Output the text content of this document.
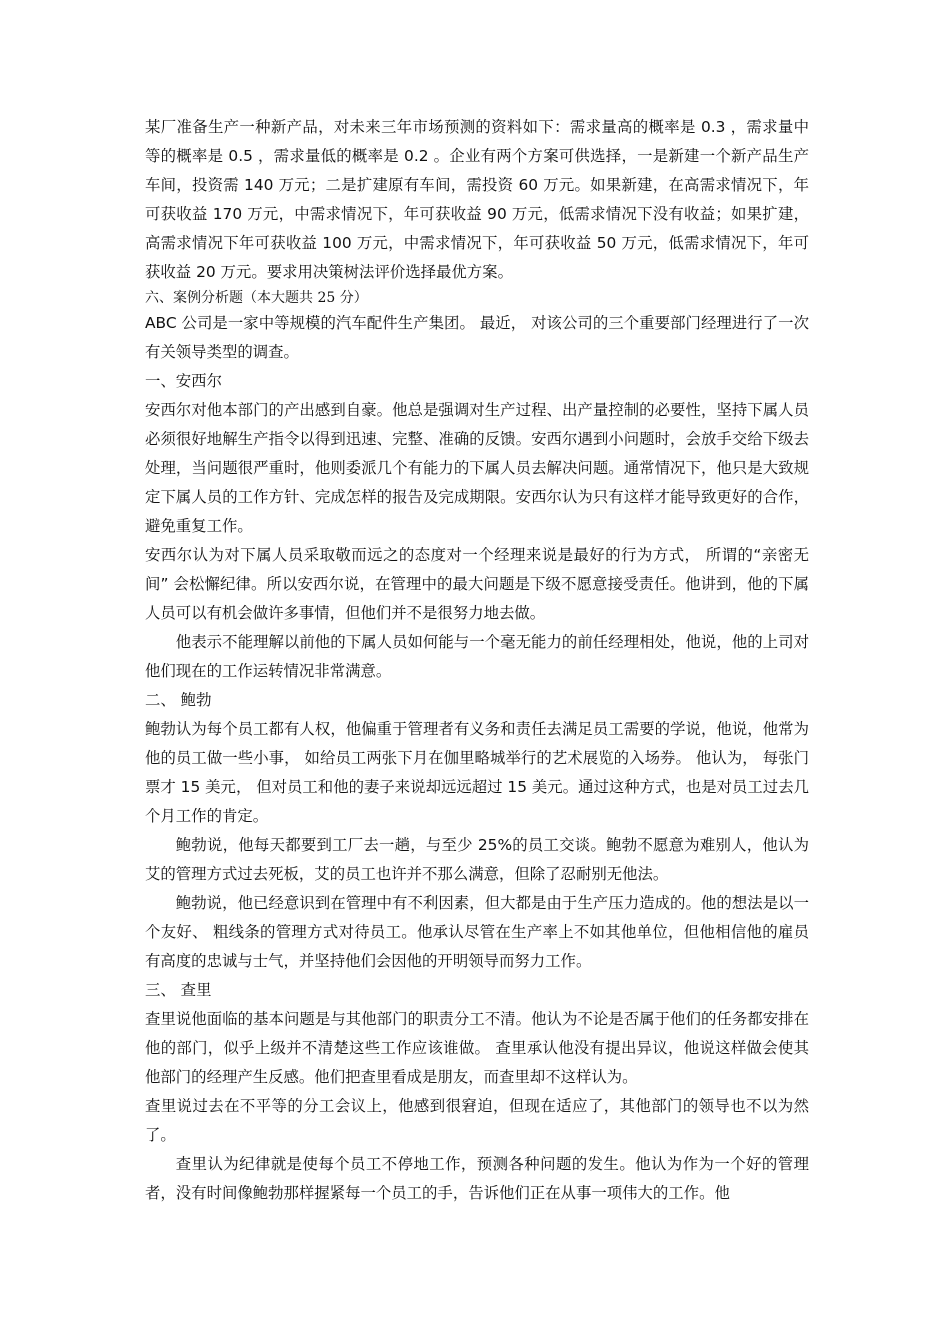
某厂准备生产一种新产品，对未来三年市场预测的资料如下：需求量高的概率是 0.3 ，需求量中等的概率是 0.5 ，需求量低的概率是 0.2 。企业有两个方案可供选择，一是新建一个新产品生产车间，投资需 140 万元；二是扩建原有车间，需投资 60 万元。如果新建，在高需求情况下，年可获收益 170 万元，中需求情况下，年可获收益 90 万元，低需求情况下没有收益；如果扩建，高需求情况下年可获收益 100 万元，中需求情况下，年可获收益 50 万元，低需求情况下，年可获收益 20 万元。要求用决策树法评价选择最优方案。

六、案例分析题（本大题共 25 分）

ABC 公司是一家中等规模的汽车配件生产集团。 最近， 对该公司的三个重要部门经理进行了一次有关领导类型的调查。

一、安西尔

安西尔对他本部门的产出感到自豪。他总是强调对生产过程、出产量控制的必要性，坚持下属人员必须很好地解生产指令以得到迅速、完整、准确的反馈。安西尔遇到小问题时，会放手交给下级去处理，当问题很严重时，他则委派几个有能力的下属人员去解决问题。通常情况下，他只是大致规定下属人员的工作方针、完成怎样的报告及完成期限。安西尔认为只有这样才能导致更好的合作，避免重复工作。

安西尔认为对下属人员采取敬而远之的态度对一个经理来说是最好的行为方式， 所谓的“亲密无间” 会松懈纪律。所以安西尔说，在管理中的最大问题是下级不愿意接受责任。他讲到，他的下属人员可以有机会做许多事情，但他们并不是很努力地去做。

他表示不能理解以前他的下属人员如何能与一个毫无能力的前任经理相处，他说，他的上司对他们现在的工作运转情况非常满意。

二、 鲍勃

鲍勃认为每个员工都有人权，他偏重于管理者有义务和责任去满足员工需要的学说，他说，他常为他的员工做一些小事， 如给员工两张下月在伽里略城举行的艺术展览的入场券。 他认为， 每张门票才 15 美元， 但对员工和他的妻子来说却远远超过 15 美元。通过这种方式，也是对员工过去几个月工作的肯定。

鲍勃说，他每天都要到工厂去一趟，与至少 25%的员工交谈。鲍勃不愿意为难别人，他认为艾的管理方式过去死板，艾的员工也许并不那么满意，但除了忍耐别无他法。

鲍勃说，他已经意识到在管理中有不利因素，但大都是由于生产压力造成的。他的想法是以一个友好、 粗线条的管理方式对待员工。他承认尽管在生产率上不如其他单位，但他相信他的雇员有高度的忠诚与士气，并坚持他们会因他的开明领导而努力工作。

三、 查里

查里说他面临的基本问题是与其他部门的职责分工不清。他认为不论是否属于他们的任务都安排在他的部门，似乎上级并不清楚这些工作应该谁做。 查里承认他没有提出异议，他说这样做会使其他部门的经理产生反感。他们把查里看成是朋友，而查里却不这样认为。

查里说过去在不平等的分工会议上，他感到很窘迫，但现在适应了，其他部门的领导也不以为然了。

查里认为纪律就是使每个员工不停地工作，预测各种问题的发生。他认为作为一个好的管理者，没有时间像鲍勃那样握紧每一个员工的手，告诉他们正在从事一项伟大的工作。他
